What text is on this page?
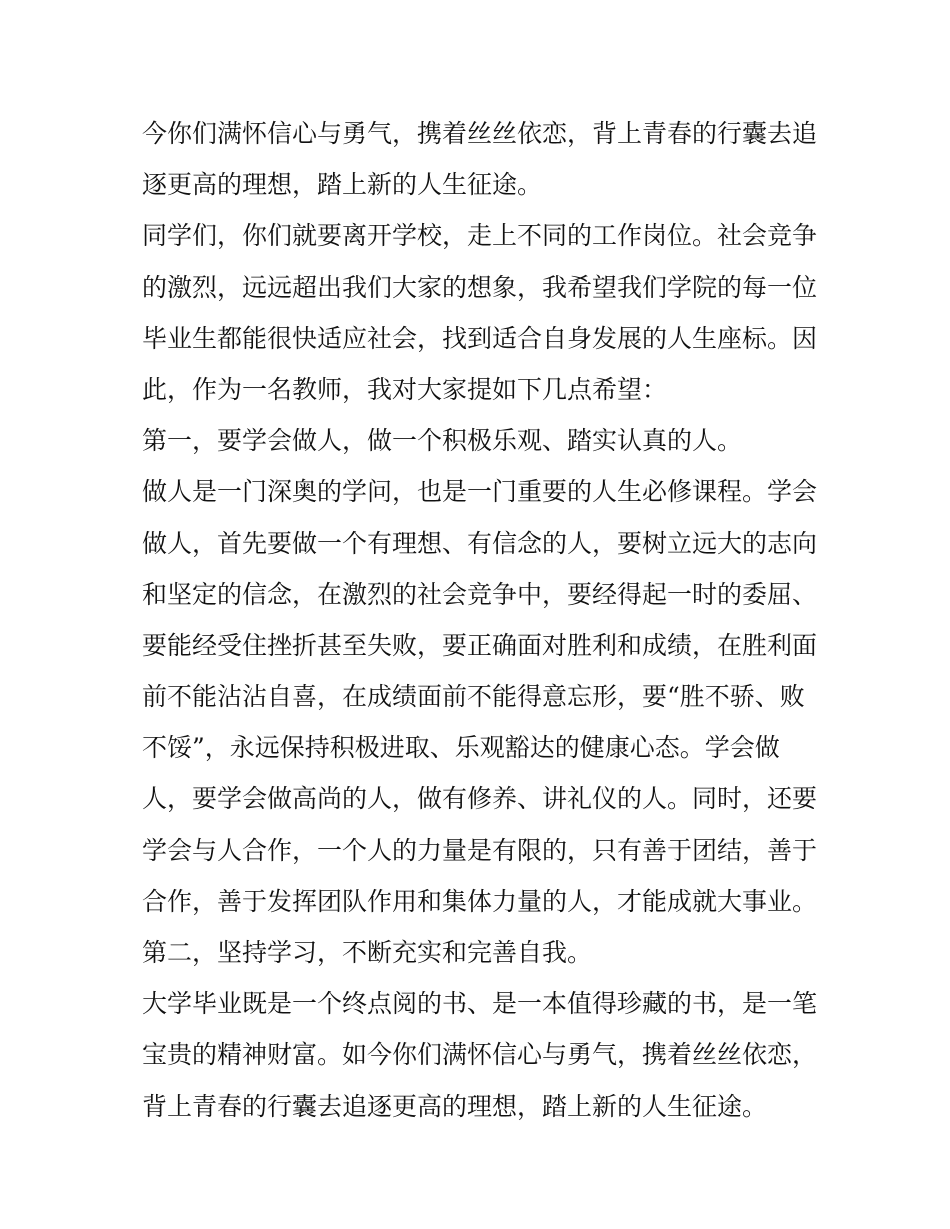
今你们满怀信心与勇气，携着丝丝依恋，背上青春的行囊去追
逐更高的理想，踏上新的人生征途。
同学们，你们就要离开学校，走上不同的工作岗位。社会竞争
的激烈，远远超出我们大家的想象，我希望我们学院的每一位
毕业生都能很快适应社会，找到适合自身发展的人生座标。因
此，作为一名教师，我对大家提如下几点希望：
第一，要学会做人，做一个积极乐观、踏实认真的人。
做人是一门深奥的学问，也是一门重要的人生必修课程。学会
做人，首先要做一个有理想、有信念的人，要树立远大的志向
和坚定的信念，在激烈的社会竞争中，要经得起一时的委屈、
要能经受住挫折甚至失败，要正确面对胜利和成绩，在胜利面
前不能沾沾自喜，在成绩面前不能得意忘形，要“胜不骄、败
不馁”，永远保持积极进取、乐观豁达的健康心态。学会做
人，要学会做高尚的人，做有修养、讲礼仪的人。同时，还要
学会与人合作，一个人的力量是有限的，只有善于团结，善于
合作，善于发挥团队作用和集体力量的人，才能成就大事业。
第二，坚持学习，不断充实和完善自我。
大学毕业既是一个终点阅的书、是一本值得珍藏的书，是一笔
宝贵的精神财富。如今你们满怀信心与勇气，携着丝丝依恋，
背上青春的行囊去追逐更高的理想，踏上新的人生征途。
